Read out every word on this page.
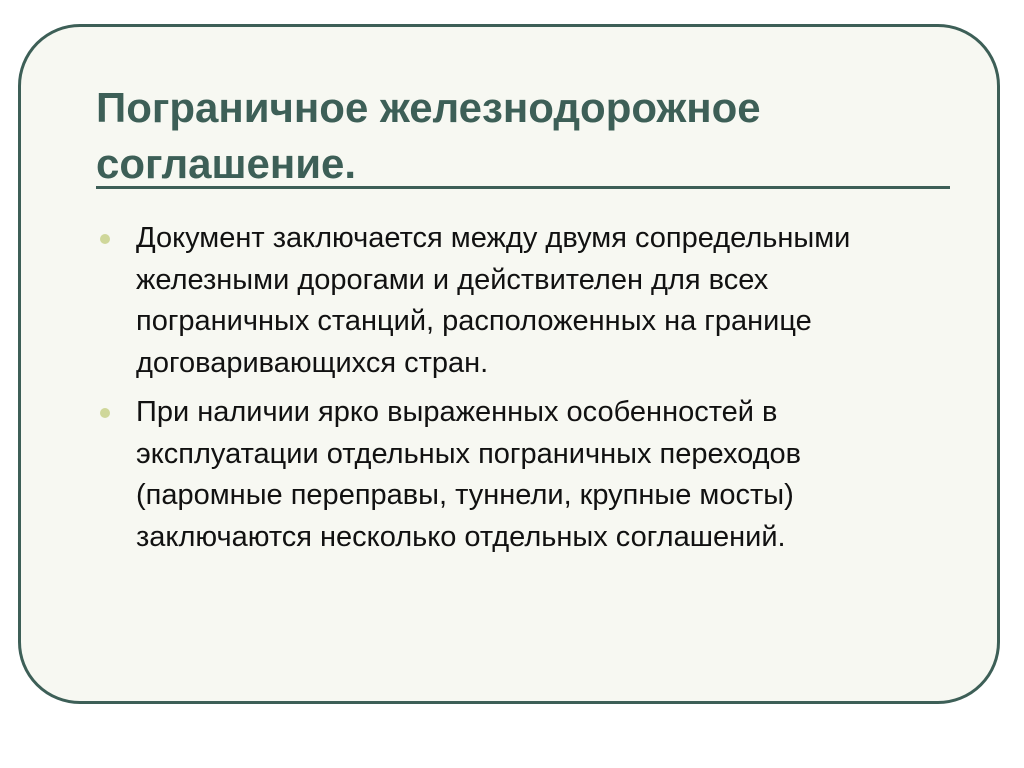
Пограничное железнодорожное соглашение.
Документ заключается между двумя сопредельными железными дорогами и действителен для всех пограничных станций, расположенных на границе договаривающихся стран.
При наличии ярко выраженных особенностей в эксплуатации отдельных пограничных переходов (паромные переправы, туннели, крупные мосты) заключаются несколько отдельных соглашений.
